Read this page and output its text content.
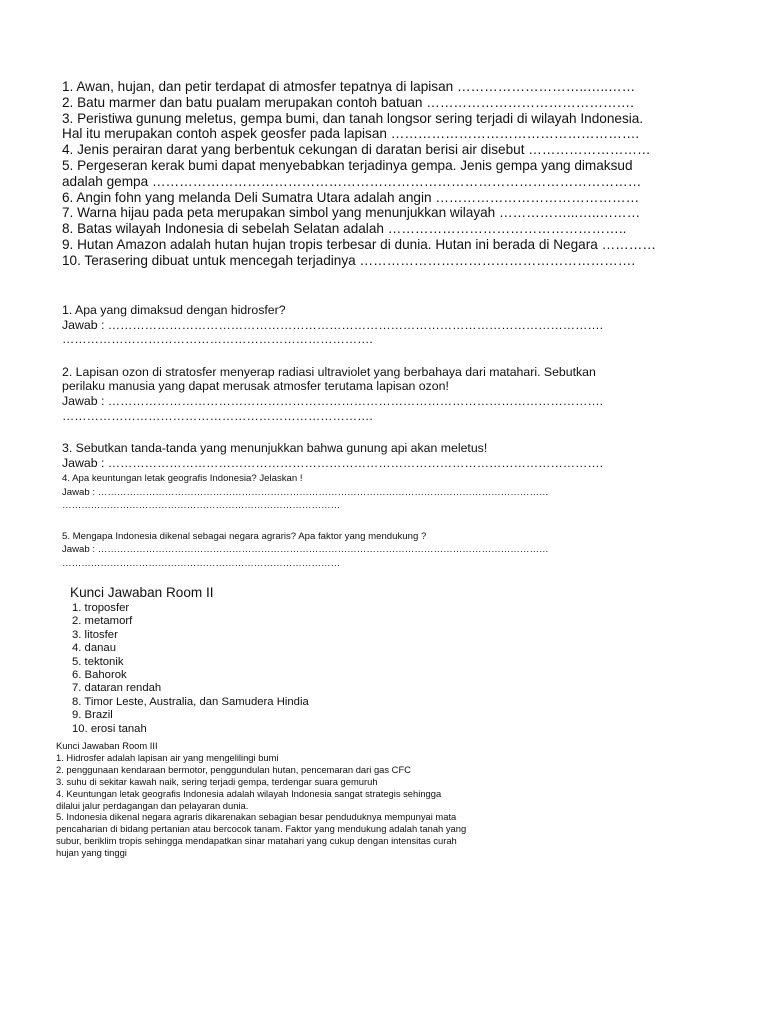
1. Awan, hujan, dan petir terdapat di atmosfer tepatnya di lapisan ………………………..…..……
2. Batu marmer dan batu pualam merupakan contoh batuan ……………………………………….
3. Peristiwa gunung meletus, gempa bumi, dan tanah longsor sering terjadi di wilayah Indonesia.
Hal itu merupakan contoh aspek geosfer pada lapisan ……………………………………………….
4. Jenis perairan darat yang berbentuk cekungan di daratan berisi air disebut ………………………
5. Pergeseran kerak bumi dapat menyebabkan terjadinya gempa. Jenis gempa yang dimaksud
adalah gempa ………………………………………………………………………………………………
6. Angin fohn yang melanda Deli Sumatra Utara adalah angin ………………………………………
7. Warna hijau pada peta merupakan simbol yang menunjukkan wilayah ……………...…..………
8. Batas wilayah Indonesia di sebelah Selatan adalah ……………………………………………..
9. Hutan Amazon adalah hutan hujan tropis terbesar di dunia. Hutan ini berada di Negara …………
10. Terasering dibuat untuk mencegah terjadinya …………………………………………………….
1. Apa yang dimaksud dengan hidrosfer?
Jawab : ………………………………………………………………………………………………………….
………………………………………………………………….
2. Lapisan ozon di stratosfer menyerap radiasi ultraviolet yang berbahaya dari matahari. Sebutkan
perilaku manusia yang dapat merusak atmosfer terutama lapisan ozon!
Jawab : ………………………………………………………………………………………………………….
………………………………………………………………….
3. Sebutkan tanda-tanda yang menunjukkan bahwa gunung api akan meletus!
Jawab : ………………………………………………………………………………………………………….
4. Apa keuntungan letak geografis Indonesia? Jelaskan !
Jawab : ……………………………………………………………………………………………………………………………
……………………………………………………………………………
5. Mengapa Indonesia dikenal sebagai negara agraris? Apa faktor yang mendukung ?
Jawab : ……………………………………………………………………………………………………………………………
……………………………………………………………………………
Kunci Jawaban Room II
1. troposfer
2. metamorf
3. litosfer
4. danau
5. tektonik
6. Bahorok
7. dataran rendah
8. Timor Leste, Australia, dan Samudera Hindia
9. Brazil
10. erosi tanah
Kunci Jawaban Room III
1. Hidrosfer adalah lapisan air yang mengelilingi bumi
2. penggunaan kendaraan bermotor, penggundulan hutan, pencemaran dari gas CFC
3. suhu di sekitar kawah naik, sering terjadi gempa, terdengar suara gemuruh
4. Keuntungan letak geografis Indonesia adalah wilayah Indonesia sangat strategis sehingga
dilalui jalur perdagangan dan pelayaran dunia.
5. Indonesia dikenal negara agraris dikarenakan sebagian besar penduduknya mempunyai mata
pencaharian di bidang pertanian atau bercocok tanam. Faktor yang mendukung adalah tanah yang
subur, beriklim tropis sehingga mendapatkan sinar matahari yang cukup dengan intensitas curah
hujan yang tinggi
